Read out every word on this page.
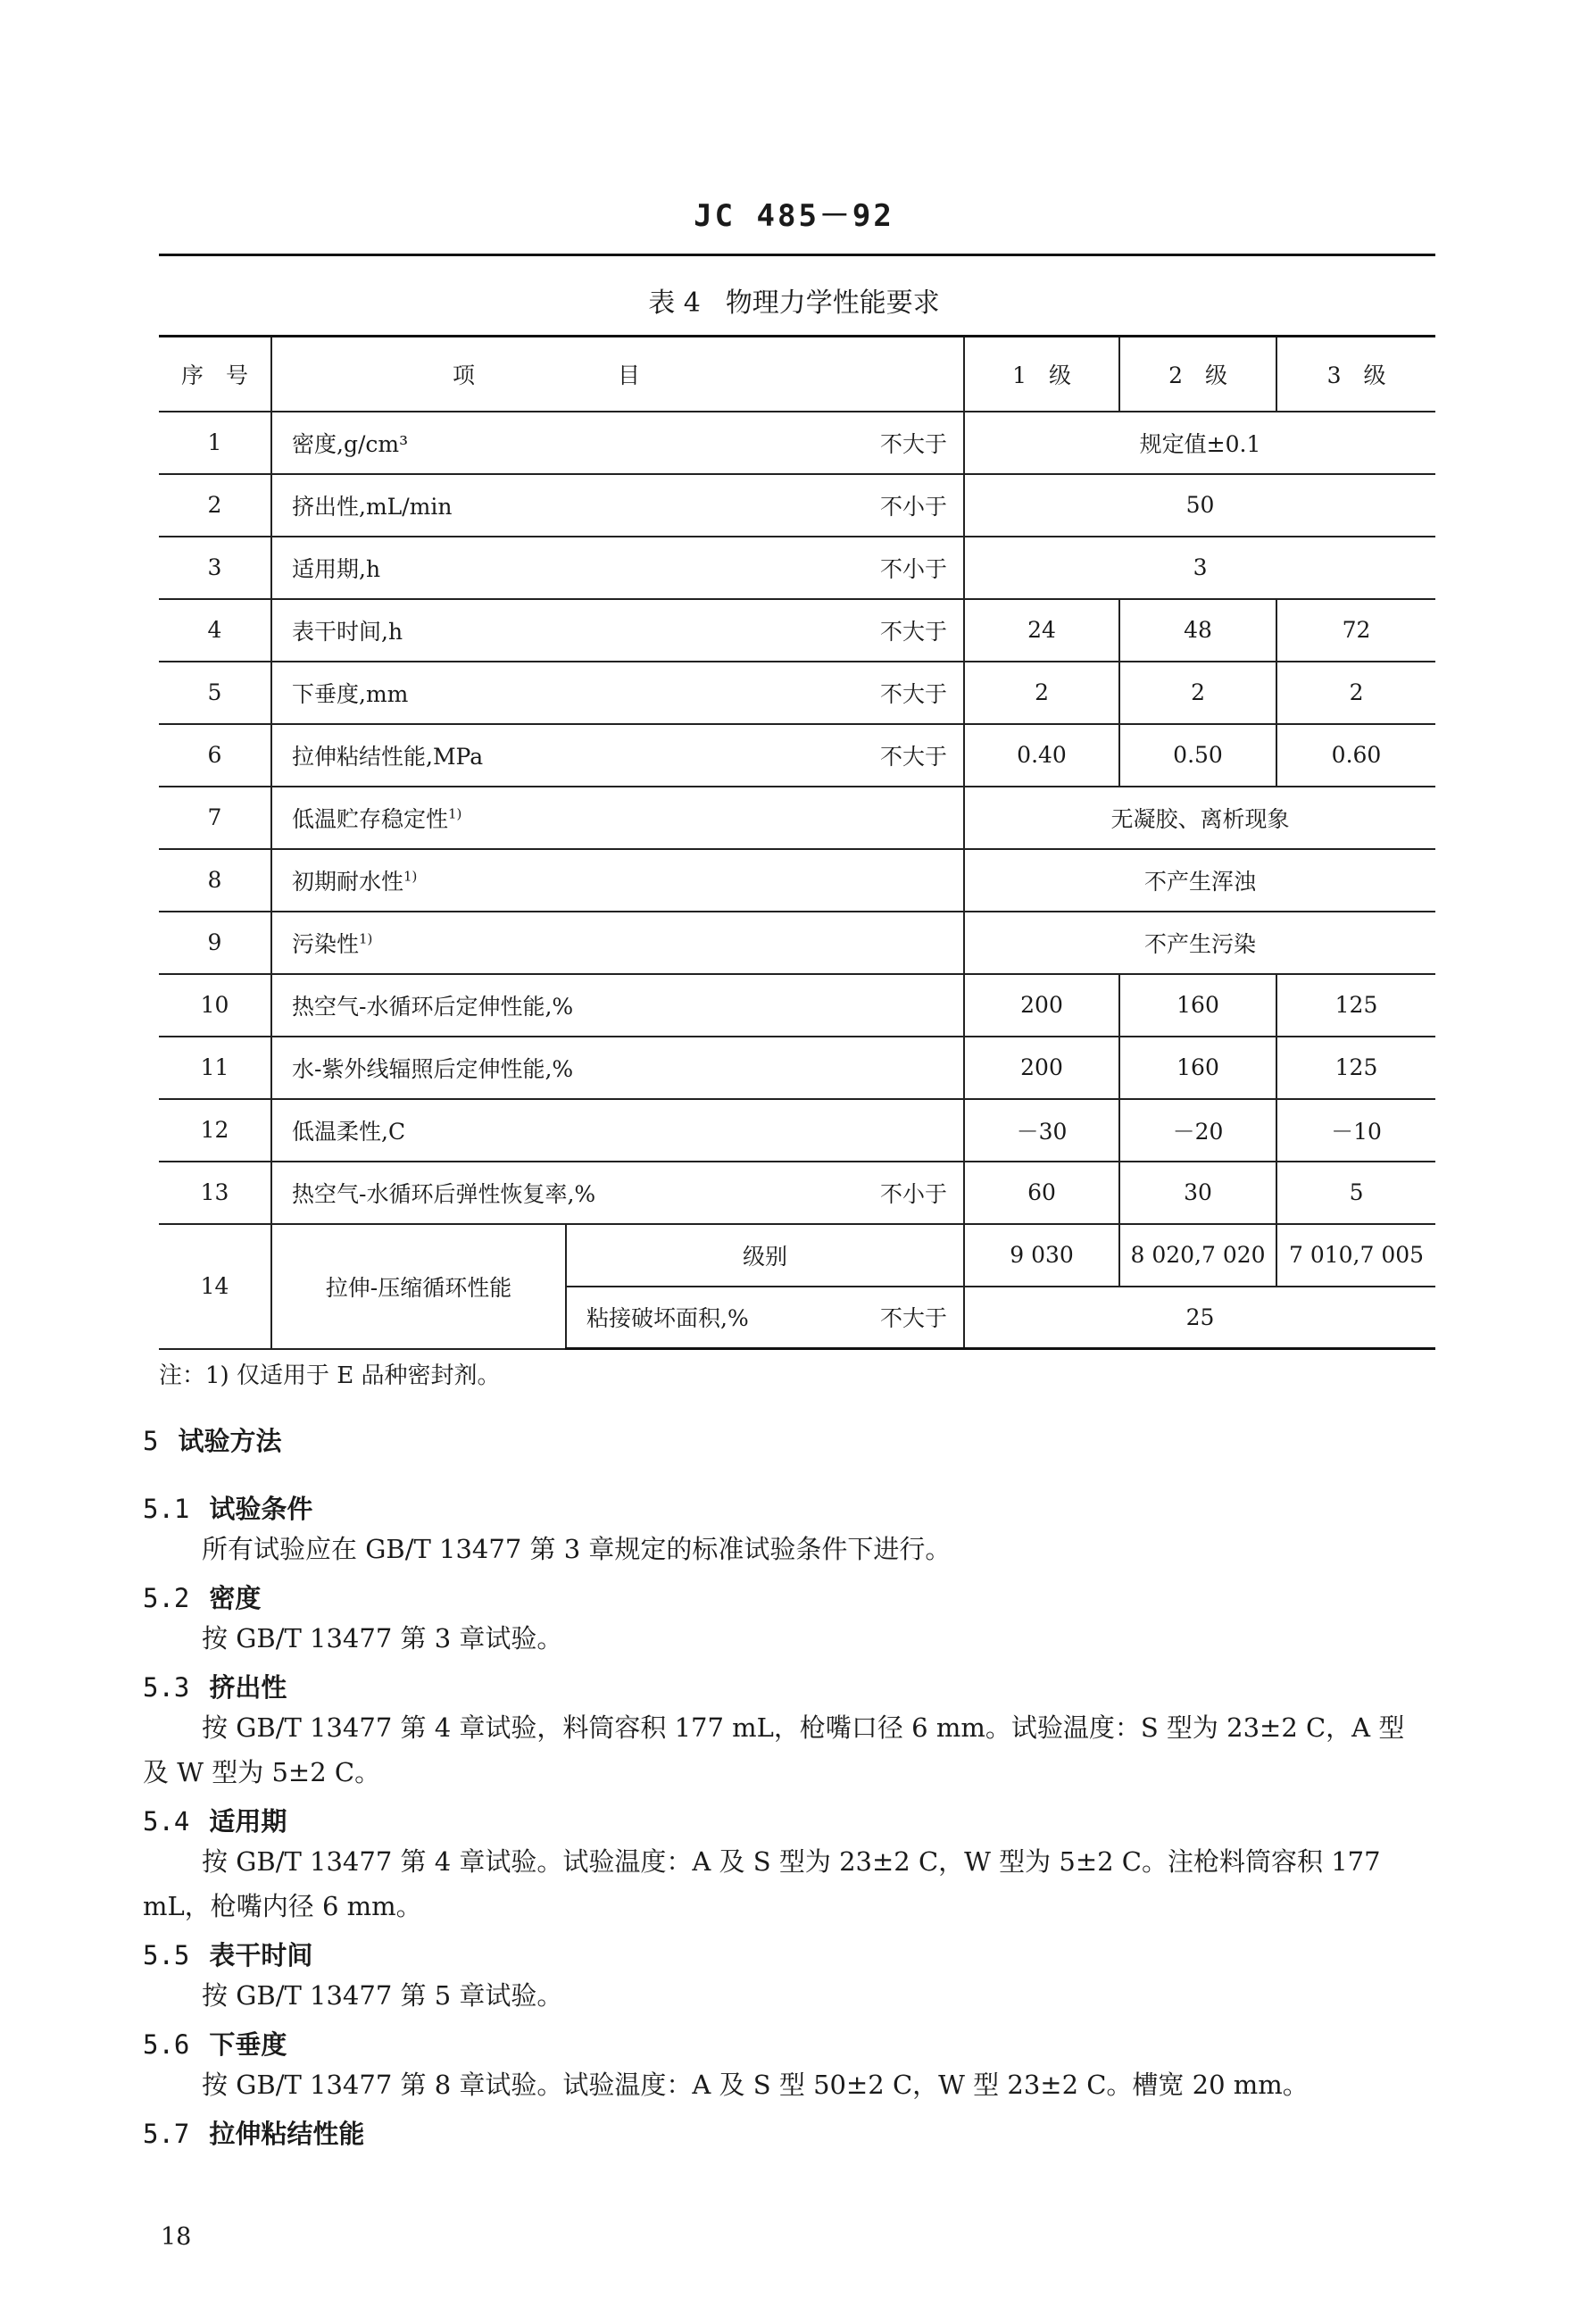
JC 485－92
表 4 物理力学性能要求
序　号	项目		1　级	2　级	3　级
1	密度,g/cm³ 不大于		规定值±0.1		
2	挤出性,mL/min 不小于		50		
3	适用期,h 不小于		3		
4	表干时间,h 不大于		24	48	72
5	下垂度,mm 不大于		2	2	2
6	拉伸粘结性能,MPa 不大于		0.40	0.50	0.60
7	低温贮存稳定性$^{1)}$		无凝胶、离析现象		
8	初期耐水性$^{1)}$		不产生浑浊		
9	污染性$^{1)}$		不产生污染		
10	热空气-水循环后定伸性能,%		200	160	125
11	水-紫外线辐照后定伸性能,%		200	160	125
12	低温柔性,C		－30	－20	－10
13	热空气-水循环后弹性恢复率,% 不小于		60	30	5
14	拉伸-压缩循环性能	级别	9 030	8 020,7 020	7 010,7 005
		粘接破坏面积,% 不大于	25		
注：1) 仅适用于 E 品种密封剂。
5 试验方法
5.1 试验条件
所有试验应在 GB/T 13477 第 3 章规定的标准试验条件下进行。
5.2 密度
按 GB/T 13477 第 3 章试验。
5.3 挤出性
按 GB/T 13477 第 4 章试验，料筒容积 177 mL，枪嘴口径 6 mm。试验温度：S 型为 23±2 C，A 型及 W 型为 5±2 C。
5.4 适用期
按 GB/T 13477 第 4 章试验。试验温度：A 及 S 型为 23±2 C，W 型为 5±2 C。注枪料筒容积 177 mL，枪嘴内径 6 mm。
5.5 表干时间
按 GB/T 13477 第 5 章试验。
5.6 下垂度
按 GB/T 13477 第 8 章试验。试验温度：A 及 S 型 50±2 C，W 型 23±2 C。槽宽 20 mm。
5.7 拉伸粘结性能
18
